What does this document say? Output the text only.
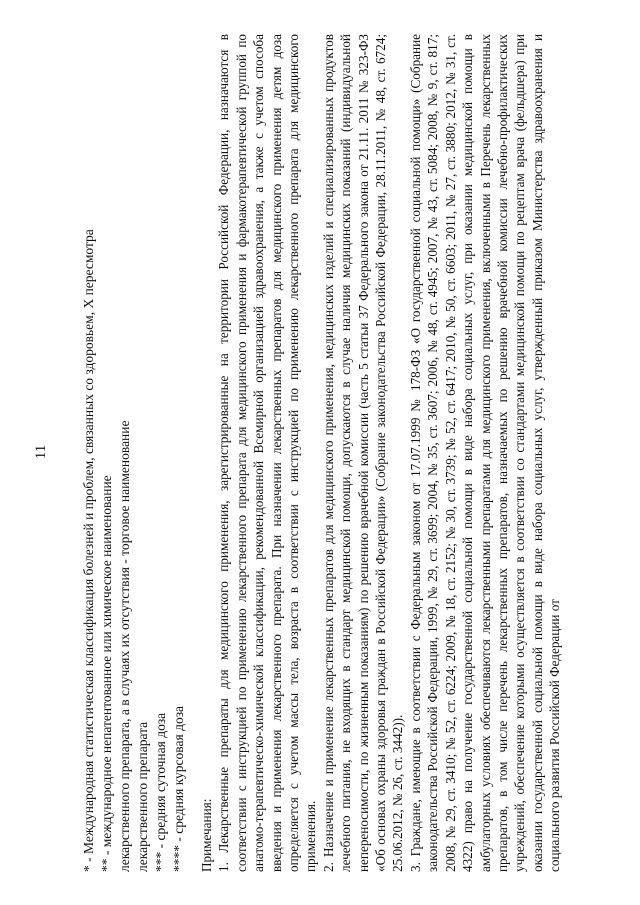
11 * - Международная статистическая классификация болезней и проблем, связанных со здоровьем, X пересмотра ** - международное непатентованное или химическое наименование лекарственного препарата, а в случаях их отсутствия - торговое наименование лекарственного препарата *** - средняя суточная доза **** - средняя курсовая доза Примечания: 1. Лекарственные препараты для медицинского применения, зарегистрированные на территории Российской Федерации, назначаются в соответствии с инструкцией по применению лекарственного препарата для медицинского применения и фармакотерапевтической группой по анатомо-терапевтическо-химической классификации, рекомендованной Всемирной организацией здравоохранения, а также с учетом способа введения и применения лекарственного препарата. При назначении лекарственных препаратов для медицинского применения детям доза определяется с учетом массы тела, возраста в соответствии с инструкцией по применению лекарственного препарата для медицинского применения. 2. Назначение и применение лекарственных препаратов для медицинского применения, медицинских изделий и специализированных продуктов лечебного питания, не входящих в стандарт медицинской помощи, допускаются в случае наличия медицинских показаний (индивидуальной непереносимости, по жизненным показаниям) по решению врачебной комиссии (часть 5 статьи 37 Федерального закона от 21.11. 2011 № 323-ФЗ «Об основах охраны здоровья граждан в Российской Федерации» (Собрание законодательства Российской Федерации, 28.11.2011, № 48, ст. 6724; 25.06.2012, № 26, ст. 3442)). 3. Граждане, имеющие в соответствии с Федеральным законом от 17.07.1999 № 178-ФЗ «О государственной социальной помощи» (Собрание законодательства Российской Федерации, 1999, № 29, ст. 3699; 2004, № 35, ст. 3607; 2006, № 48, ст. 4945; 2007, № 43, ст. 5084; 2008, № 9, ст. 817; 2008, № 29, ст. 3410; № 52, ст. 6224; 2009, № 18, ст. 2152; № 30, ст. 3739; № 52, ст. 6417; 2010, № 50, ст. 6603; 2011, № 27, ст. 3880; 2012, № 31, ст. 4322) право на получение государственной социальной помощи в виде набора социальных услуг, при оказании медицинской помощи в амбулаторных условиях обеспечиваются лекарственными препаратами для медицинского применения, включенными в Перечень лекарственных препаратов, в том числе перечень лекарственных препаратов, назначаемых по решению врачебной комиссии лечебно-профилактических учреждений, обеспечение которыми осуществляется в соответствии со стандартами медицинской помощи по рецептам врача (фельдшера) при оказании государственной социальной помощи в виде набора социальных услуг, утвержденный приказом Министерства здравоохранения и социального развития Российской Федерации от
